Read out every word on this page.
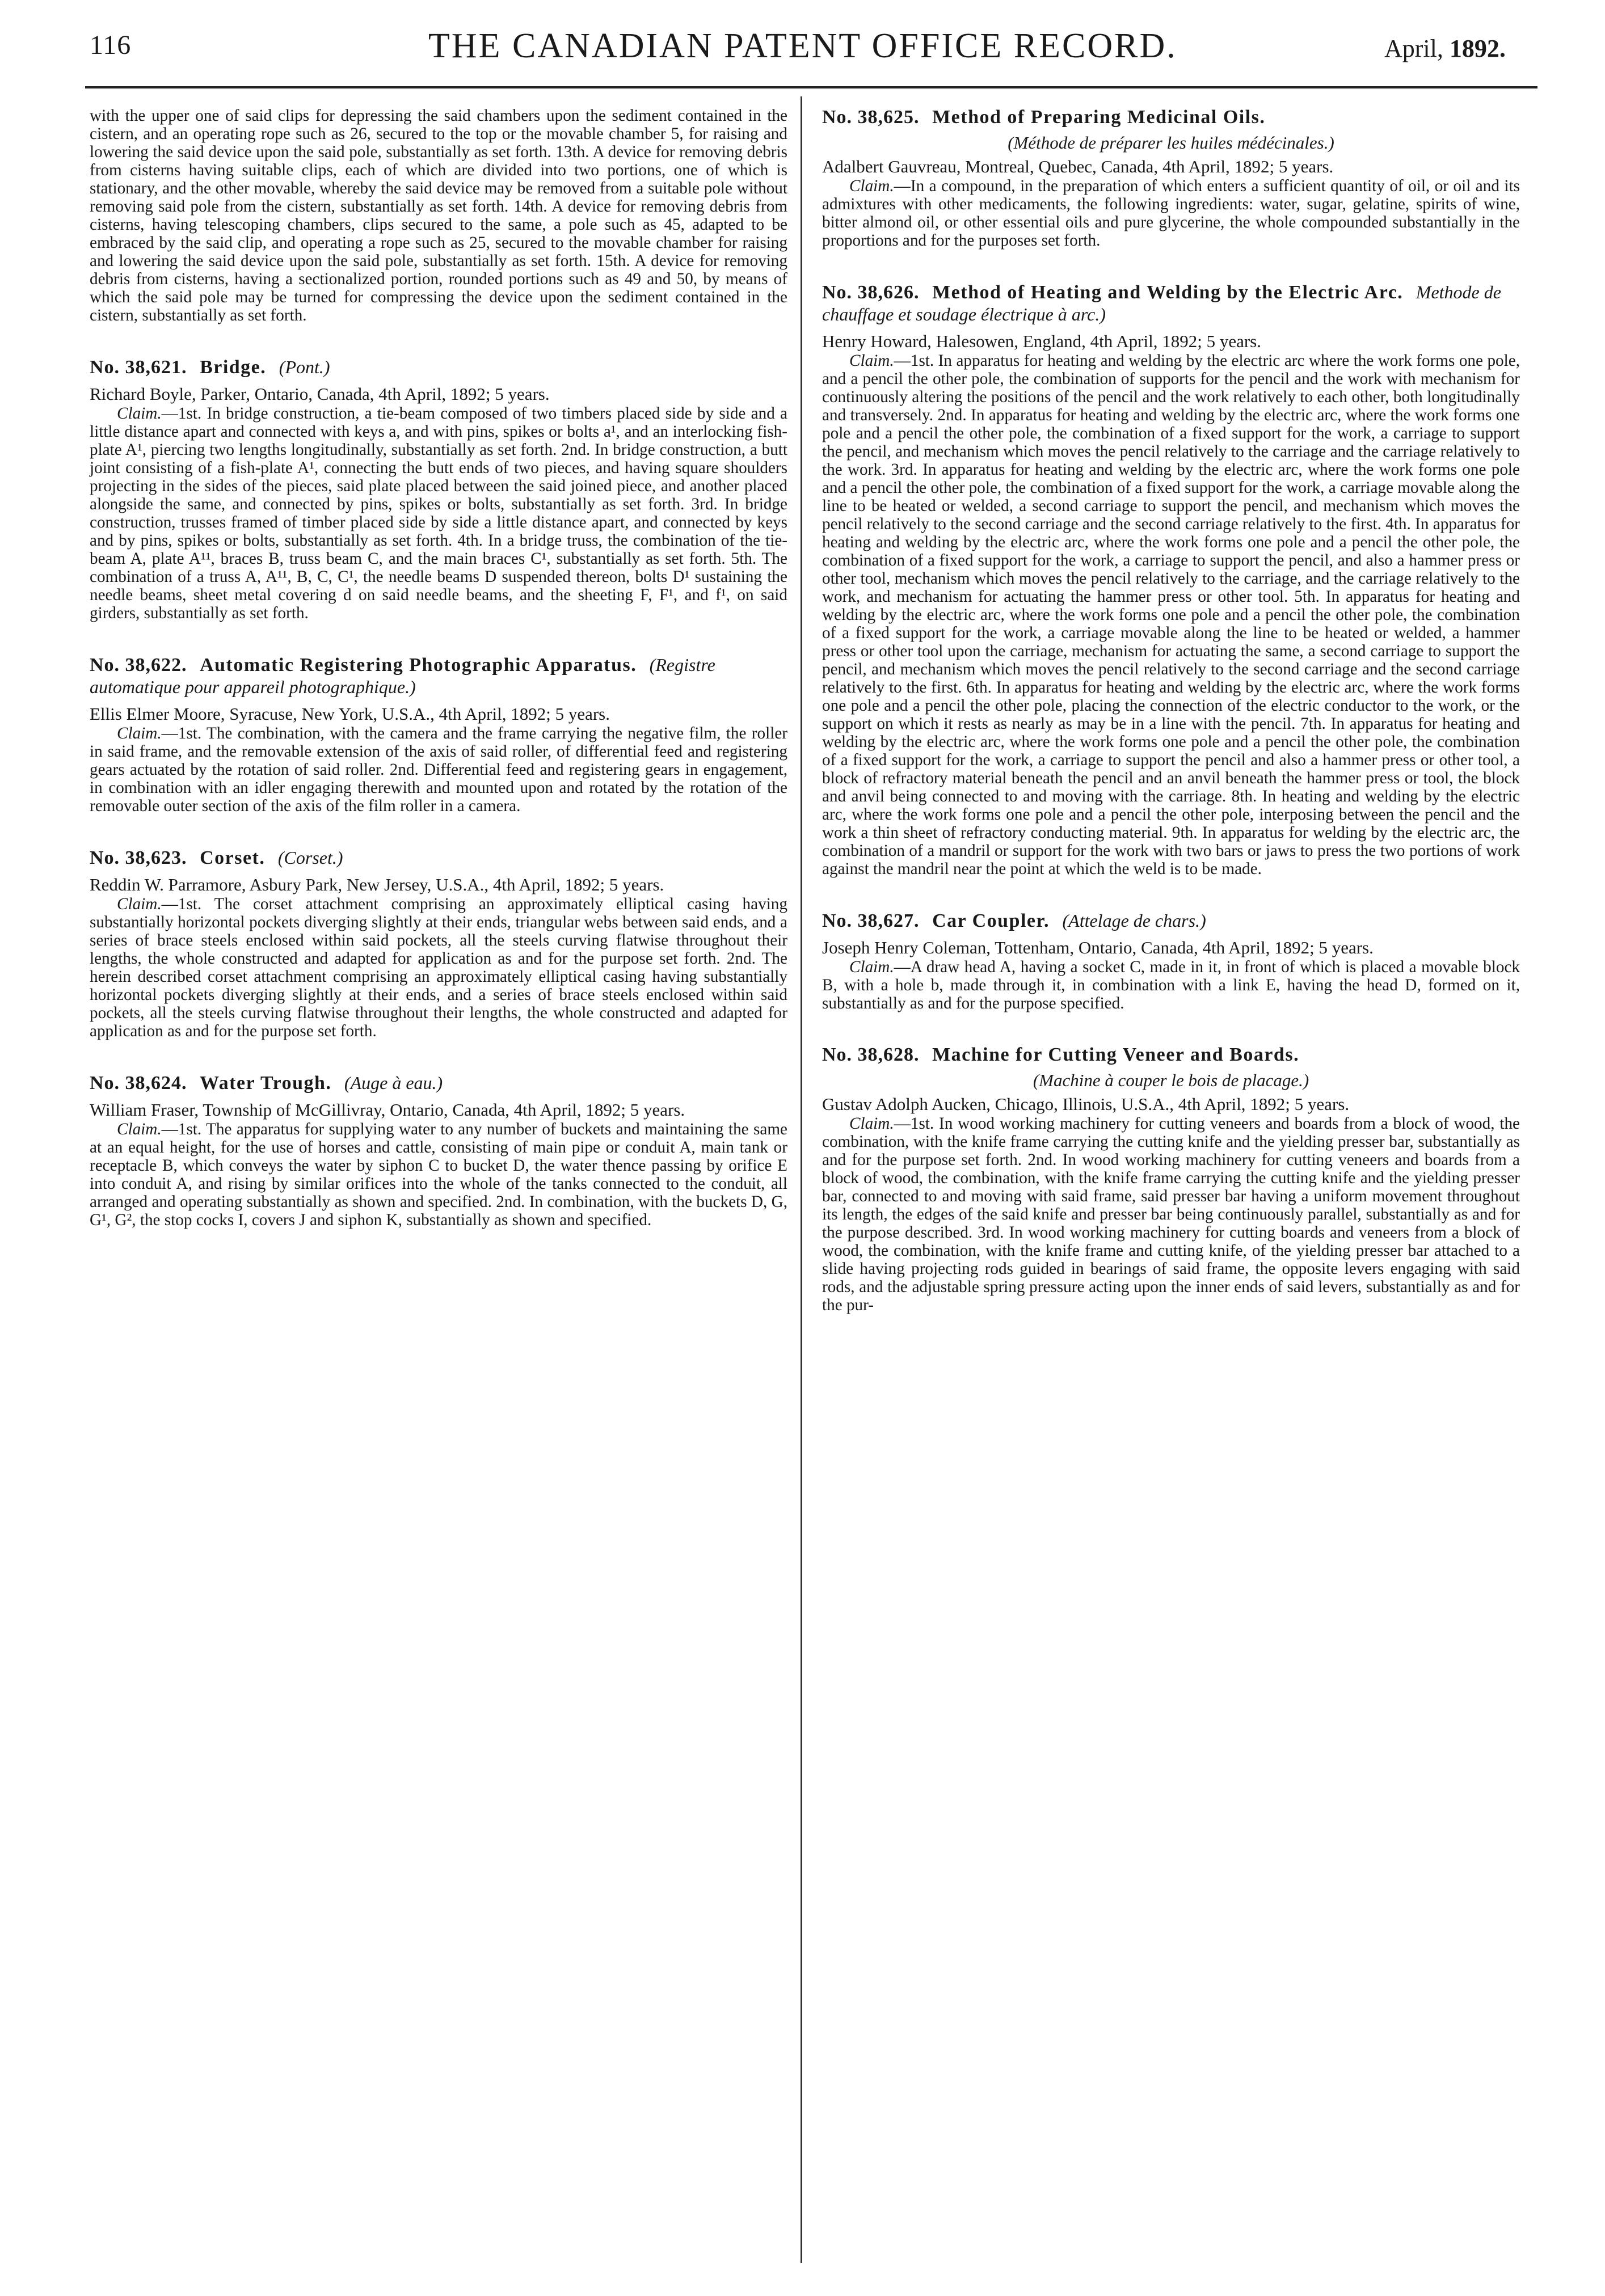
116	THE CANADIAN PATENT OFFICE RECORD.	April, 1892.

with the upper one of said clips for depressing the said chambers upon the sediment contained in the cistern, and an operating rope such as 26, secured to the top or the movable chamber 5, for raising and lowering the said device upon the said pole, substantially as set forth. 13th. A device for removing debris from cisterns having suitable clips, each of which are divided into two portions, one of which is stationary, and the other movable, whereby the said device may be removed from a suitable pole without removing said pole from the cistern, substantially as set forth. 14th. A device for removing debris from cisterns, having telescoping chambers, clips secured to the same, a pole such as 45, adapted to be embraced by the said clip, and operating a rope such as 25, secured to the movable chamber for raising and lowering the said device upon the said pole, substantially as set forth. 15th. A device for removing debris from cisterns, having a sectionalized portion, rounded portions such as 49 and 50, by means of which the said pole may be turned for compressing the device upon the sediment contained in the cistern, substantially as set forth.

No. 38,621. Bridge. (Pont.)

Richard Boyle, Parker, Ontario, Canada, 4th April, 1892; 5 years.

Claim.—1st. In bridge construction, a tie-beam composed of two timbers placed side by side and a little distance apart and connected with keys a, and with pins, spikes or bolts a¹, and an interlocking fish-plate A¹, piercing two lengths longitudinally, substantially as set forth. 2nd. In bridge construction, a butt joint consisting of a fish-plate A¹, connecting the butt ends of two pieces, and having square shoulders projecting in the sides of the pieces, said plate placed between the said joined piece, and another placed alongside the same, and connected by pins, spikes or bolts, substantially as set forth. 3rd. In bridge construction, trusses framed of timber placed side by side a little distance apart, and connected by keys and by pins, spikes or bolts, substantially as set forth. 4th. In a bridge truss, the combination of the tie-beam A, plate A¹¹, braces B, truss beam C, and the main braces C¹, substantially as set forth. 5th. The combination of a truss A, A¹¹, B, C, C¹, the needle beams D suspended thereon, bolts D¹ sustaining the needle beams, sheet metal covering d on said needle beams, and the sheeting F, F¹, and f¹, on said girders, substantially as set forth.

No. 38,622. Automatic Registering Photographic Apparatus. (Registre automatique pour appareil photographique.)

Ellis Elmer Moore, Syracuse, New York, U.S.A., 4th April, 1892; 5 years.

Claim.—1st. The combination, with the camera and the frame carrying the negative film, the roller in said frame, and the removable extension of the axis of said roller, of differential feed and registering gears actuated by the rotation of said roller. 2nd. Differential feed and registering gears in engagement, in combination with an idler engaging therewith and mounted upon and rotated by the rotation of the removable outer section of the axis of the film roller in a camera.

No. 38,623. Corset. (Corset.)

Reddin W. Parramore, Asbury Park, New Jersey, U.S.A., 4th April, 1892; 5 years.

Claim.—1st. The corset attachment comprising an approximately elliptical casing having substantially horizontal pockets diverging slightly at their ends, triangular webs between said ends, and a series of brace steels enclosed within said pockets, all the steels curving flatwise throughout their lengths, the whole constructed and adapted for application as and for the purpose set forth. 2nd. The herein described corset attachment comprising an approximately elliptical casing having substantially horizontal pockets diverging slightly at their ends, and a series of brace steels enclosed within said pockets, all the steels curving flatwise throughout their lengths, the whole constructed and adapted for application as and for the purpose set forth.

No. 38,624. Water Trough. (Auge à eau.)

William Fraser, Township of McGillivray, Ontario, Canada, 4th April, 1892; 5 years.

Claim.—1st. The apparatus for supplying water to any number of buckets and maintaining the same at an equal height, for the use of horses and cattle, consisting of main pipe or conduit A, main tank or receptacle B, which conveys the water by siphon C to bucket D, the water thence passing by orifice E into conduit A, and rising by similar orifices into the whole of the tanks connected to the conduit, all arranged and operating substantially as shown and specified. 2nd. In combination, with the buckets D, G, G¹, G², the stop cocks I, covers J and siphon K, substantially as shown and specified.

No. 38,625. Method of Preparing Medicinal Oils.
(Méthode de préparer les huiles médécinales.)

Adalbert Gauvreau, Montreal, Quebec, Canada, 4th April, 1892; 5 years.

Claim.—In a compound, in the preparation of which enters a sufficient quantity of oil, or oil and its admixtures with other medicaments, the following ingredients: water, sugar, gelatine, spirits of wine, bitter almond oil, or other essential oils and pure glycerine, the whole compounded substantially in the proportions and for the purposes set forth.

No. 38,626. Method of Heating and Welding by the Electric Arc. Methode de chauffage et soudage électrique à arc.)

Henry Howard, Halesowen, England, 4th April, 1892; 5 years.

Claim.—1st. In apparatus for heating and welding by the electric arc where the work forms one pole, and a pencil the other pole, the combination of supports for the pencil and the work with mechanism for continuously altering the positions of the pencil and the work relatively to each other, both longitudinally and transversely. 2nd. In apparatus for heating and welding by the electric arc, where the work forms one pole and a pencil the other pole, the combination of a fixed support for the work, a carriage to support the pencil, and mechanism which moves the pencil relatively to the carriage and the carriage relatively to the work. 3rd. In apparatus for heating and welding by the electric arc, where the work forms one pole and a pencil the other pole, the combination of a fixed support for the work, a carriage movable along the line to be heated or welded, a second carriage to support the pencil, and mechanism which moves the pencil relatively to the second carriage and the second carriage relatively to the first. 4th. In apparatus for heating and welding by the electric arc, where the work forms one pole and a pencil the other pole, the combination of a fixed support for the work, a carriage to support the pencil, and also a hammer press or other tool, mechanism which moves the pencil relatively to the carriage, and the carriage relatively to the work, and mechanism for actuating the hammer press or other tool. 5th. In apparatus for heating and welding by the electric arc, where the work forms one pole and a pencil the other pole, the combination of a fixed support for the work, a carriage movable along the line to be heated or welded, a hammer press or other tool upon the carriage, mechanism for actuating the same, a second carriage to support the pencil, and mechanism which moves the pencil relatively to the second carriage and the second carriage relatively to the first. 6th. In apparatus for heating and welding by the electric arc, where the work forms one pole and a pencil the other pole, placing the connection of the electric conductor to the work, or the support on which it rests as nearly as may be in a line with the pencil. 7th. In apparatus for heating and welding by the electric arc, where the work forms one pole and a pencil the other pole, the combination of a fixed support for the work, a carriage to support the pencil and also a hammer press or other tool, a block of refractory material beneath the pencil and an anvil beneath the hammer press or tool, the block and anvil being connected to and moving with the carriage. 8th. In heating and welding by the electric arc, where the work forms one pole and a pencil the other pole, interposing between the pencil and the work a thin sheet of refractory conducting material. 9th. In apparatus for welding by the electric arc, the combination of a mandril or support for the work with two bars or jaws to press the two portions of work against the mandril near the point at which the weld is to be made.

No. 38,627. Car Coupler. (Attelage de chars.)

Joseph Henry Coleman, Tottenham, Ontario, Canada, 4th April, 1892; 5 years.

Claim.—A draw head A, having a socket C, made in it, in front of which is placed a movable block B, with a hole b, made through it, in combination with a link E, having the head D, formed on it, substantially as and for the purpose specified.

No. 38,628. Machine for Cutting Veneer and Boards.
(Machine à couper le bois de placage.)

Gustav Adolph Aucken, Chicago, Illinois, U.S.A., 4th April, 1892; 5 years.

Claim.—1st. In wood working machinery for cutting veneers and boards from a block of wood, the combination, with the knife frame carrying the cutting knife and the yielding presser bar, substantially as and for the purpose set forth. 2nd. In wood working machinery for cutting veneers and boards from a block of wood, the combination, with the knife frame carrying the cutting knife and the yielding presser bar, connected to and moving with said frame, said presser bar having a uniform movement throughout its length, the edges of the said knife and presser bar being continuously parallel, substantially as and for the purpose described. 3rd. In wood working machinery for cutting boards and veneers from a block of wood, the combination, with the knife frame and cutting knife, of the yielding presser bar attached to a slide having projecting rods guided in bearings of said frame, the opposite levers engaging with said rods, and the adjustable spring pressure acting upon the inner ends of said levers, substantially as and for the pur-
